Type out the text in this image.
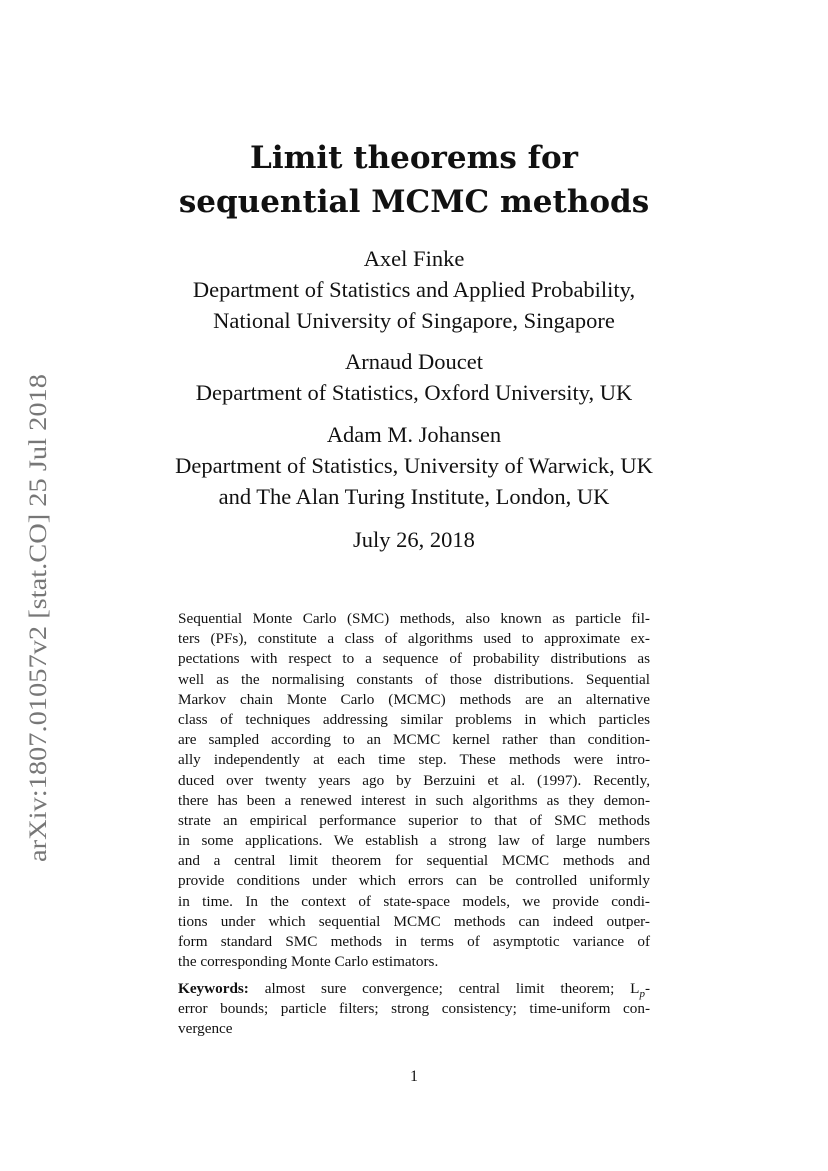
arXiv:1807.01057v2 [stat.CO] 25 Jul 2018
Limit theorems for
sequential MCMC methods
Axel Finke
Department of Statistics and Applied Probability,
National University of Singapore, Singapore
Arnaud Doucet
Department of Statistics, Oxford University, UK
Adam M. Johansen
Department of Statistics, University of Warwick, UK
and The Alan Turing Institute, London, UK
July 26, 2018
Sequential Monte Carlo (SMC) methods, also known as particle fil-
ters (PFs), constitute a class of algorithms used to approximate ex-
pectations with respect to a sequence of probability distributions as
well as the normalising constants of those distributions. Sequential
Markov chain Monte Carlo (MCMC) methods are an alternative
class of techniques addressing similar problems in which particles
are sampled according to an MCMC kernel rather than condition-
ally independently at each time step. These methods were intro-
duced over twenty years ago by Berzuini et al. (1997). Recently,
there has been a renewed interest in such algorithms as they demon-
strate an empirical performance superior to that of SMC methods
in some applications. We establish a strong law of large numbers
and a central limit theorem for sequential MCMC methods and
provide conditions under which errors can be controlled uniformly
in time. In the context of state-space models, we provide condi-
tions under which sequential MCMC methods can indeed outper-
form standard SMC methods in terms of asymptotic variance of
the corresponding Monte Carlo estimators.
Keywords: almost sure convergence; central limit theorem; $L_p-$
error bounds; particle filters; strong consistency; time-uniform con-
vergence
1
